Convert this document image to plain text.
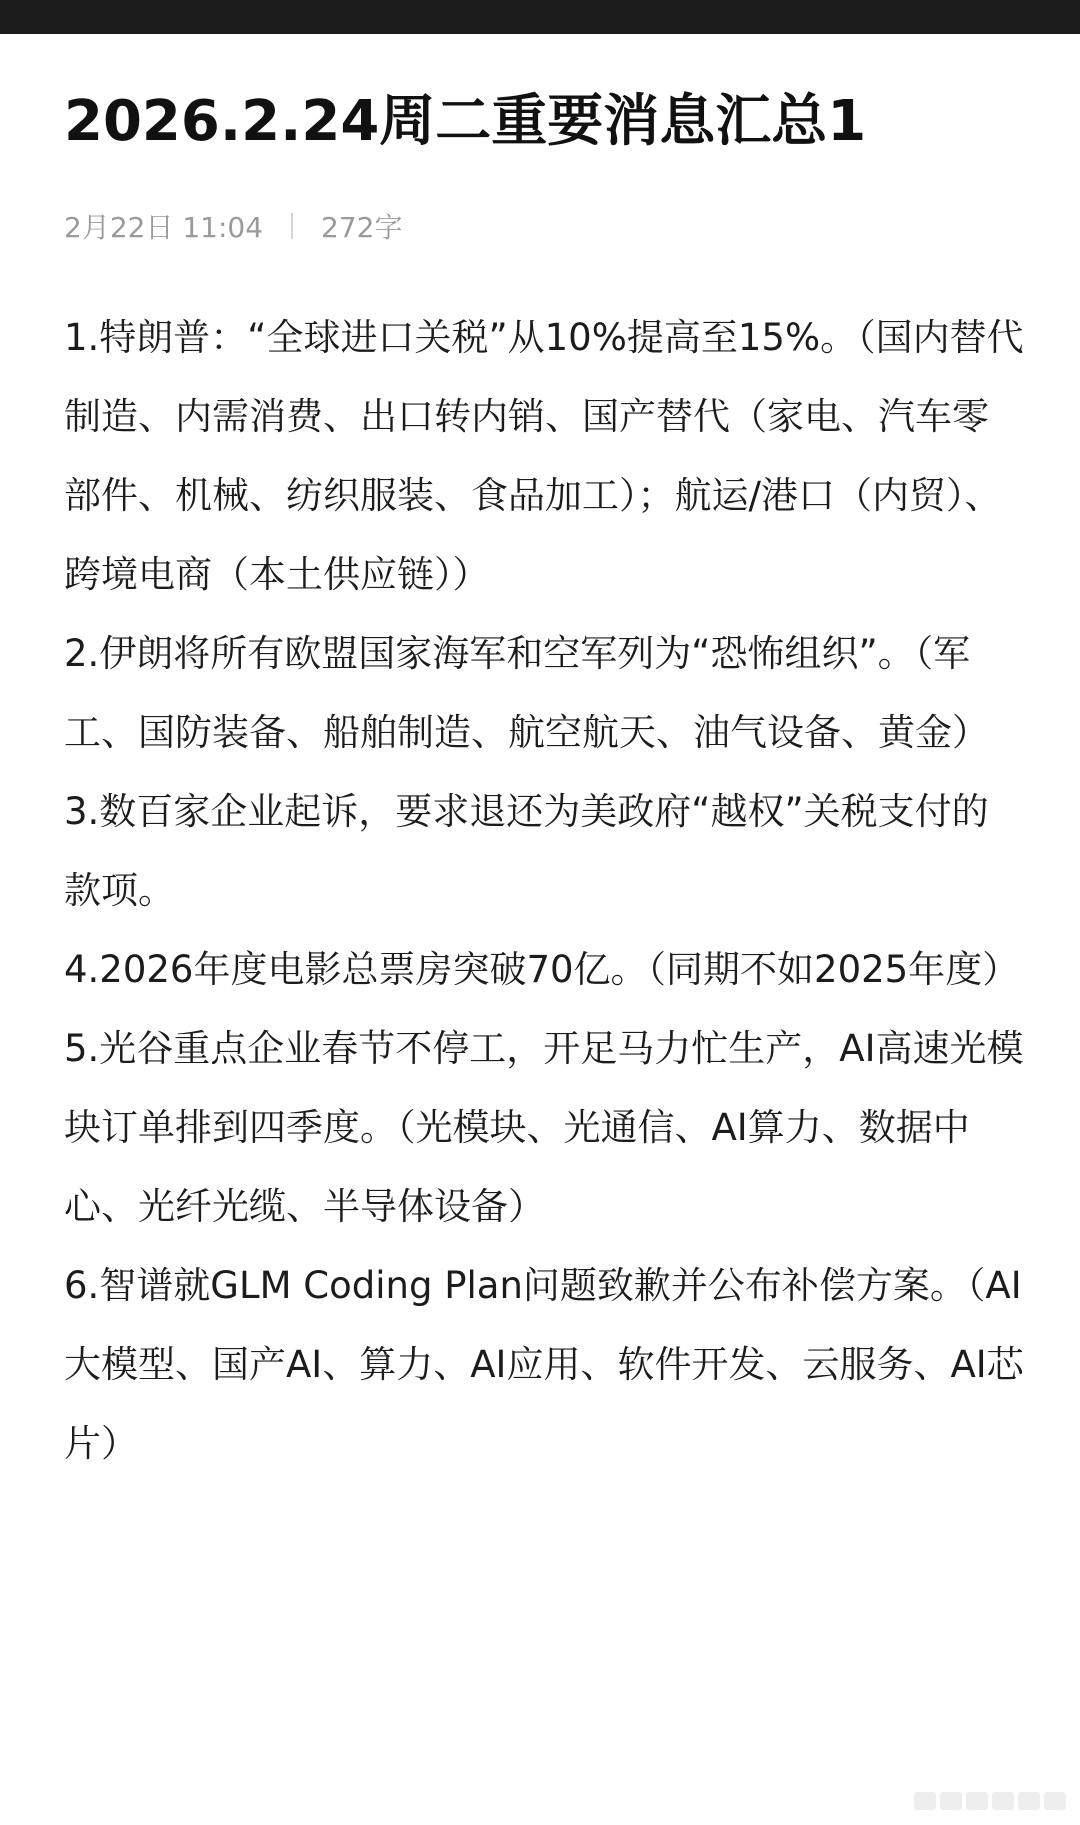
2026.2.24周二重要消息汇总1
2月22日 11:04 272字

1.特朗普：“全球进口关税”从10%提高至15%。（国内替代制造、内需消费、出口转内销、国产替代（家电、汽车零部件、机械、纺织服装、食品加工）；航运/港口（内贸）、跨境电商（本土供应链））

2.伊朗将所有欧盟国家海军和空军列为“恐怖组织”。（军工、国防装备、船舶制造、航空航天、油气设备、黄金）

3.数百家企业起诉，要求退还为美政府“越权”关税支付的款项。

4.2026年度电影总票房突破70亿。（同期不如2025年度）

5.光谷重点企业春节不停工，开足马力忙生产，AI高速光模块订单排到四季度。（光模块、光通信、AI算力、数据中心、光纤光缆、半导体设备）

6.智谱就GLM Coding Plan问题致歉并公布补偿方案。（AI大模型、国产AI、算力、AI应用、软件开发、云服务、AI芯片）
